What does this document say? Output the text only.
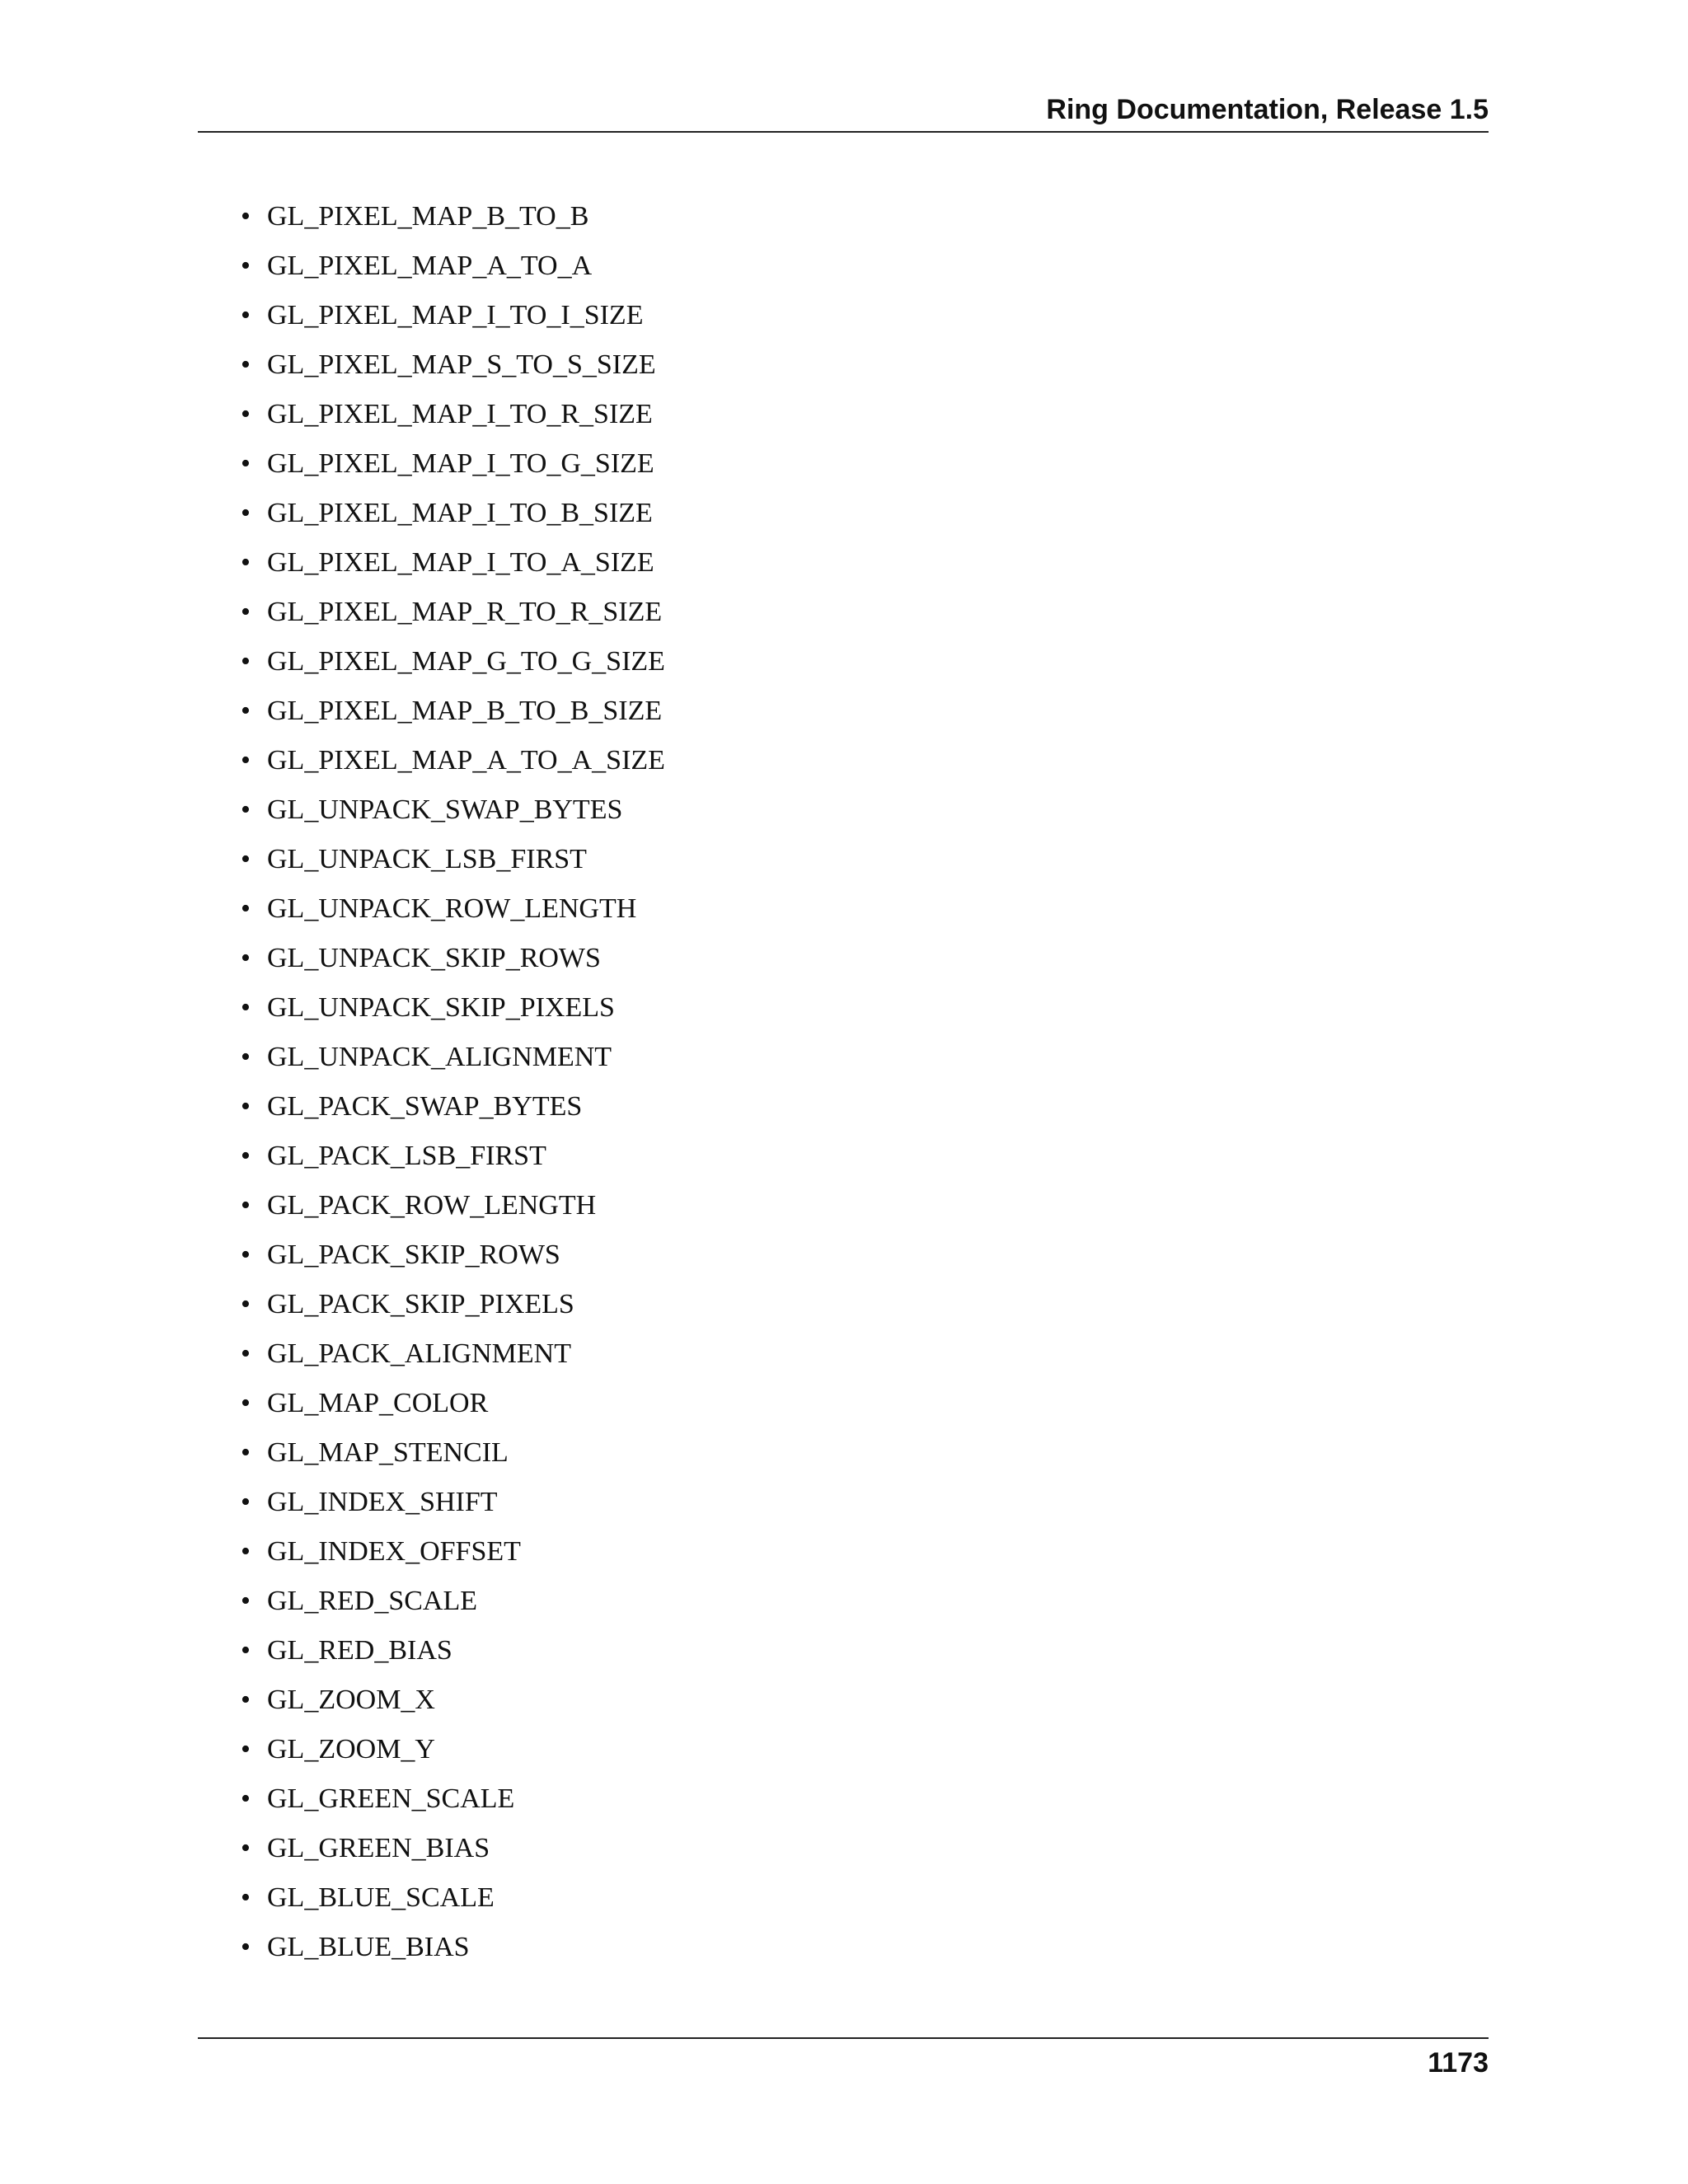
Ring Documentation, Release 1.5
• GL_PIXEL_MAP_B_TO_B
• GL_PIXEL_MAP_A_TO_A
• GL_PIXEL_MAP_I_TO_I_SIZE
• GL_PIXEL_MAP_S_TO_S_SIZE
• GL_PIXEL_MAP_I_TO_R_SIZE
• GL_PIXEL_MAP_I_TO_G_SIZE
• GL_PIXEL_MAP_I_TO_B_SIZE
• GL_PIXEL_MAP_I_TO_A_SIZE
• GL_PIXEL_MAP_R_TO_R_SIZE
• GL_PIXEL_MAP_G_TO_G_SIZE
• GL_PIXEL_MAP_B_TO_B_SIZE
• GL_PIXEL_MAP_A_TO_A_SIZE
• GL_UNPACK_SWAP_BYTES
• GL_UNPACK_LSB_FIRST
• GL_UNPACK_ROW_LENGTH
• GL_UNPACK_SKIP_ROWS
• GL_UNPACK_SKIP_PIXELS
• GL_UNPACK_ALIGNMENT
• GL_PACK_SWAP_BYTES
• GL_PACK_LSB_FIRST
• GL_PACK_ROW_LENGTH
• GL_PACK_SKIP_ROWS
• GL_PACK_SKIP_PIXELS
• GL_PACK_ALIGNMENT
• GL_MAP_COLOR
• GL_MAP_STENCIL
• GL_INDEX_SHIFT
• GL_INDEX_OFFSET
• GL_RED_SCALE
• GL_RED_BIAS
• GL_ZOOM_X
• GL_ZOOM_Y
• GL_GREEN_SCALE
• GL_GREEN_BIAS
• GL_BLUE_SCALE
• GL_BLUE_BIAS
1173
